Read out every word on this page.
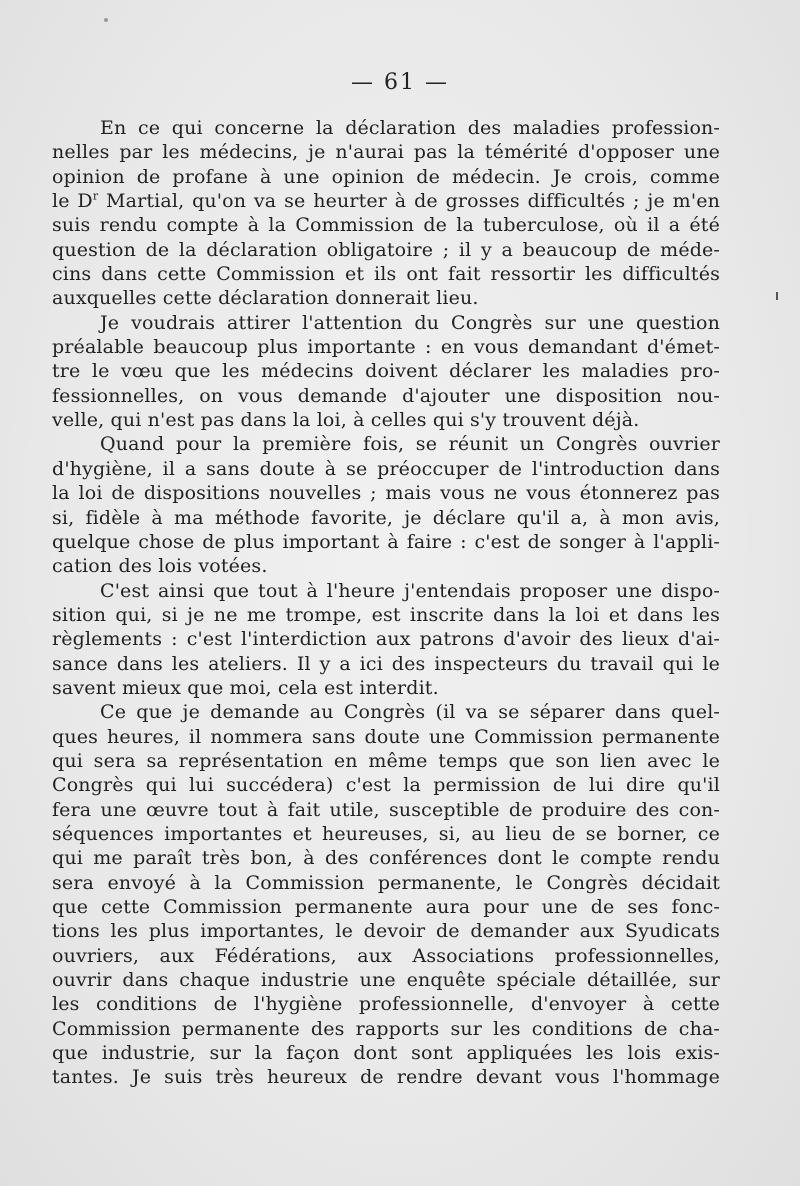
— 61 —
En ce qui concerne la déclaration des maladies profession-
nelles par les médecins, je n'aurai pas la témérité d'opposer une
opinion de profane à une opinion de médecin. Je crois, comme
le $D^r$ Martial, qu'on va se heurter à de grosses difficultés ; je m'en
suis rendu compte à la Commission de la tuberculose, où il a été
question de la déclaration obligatoire ; il y a beaucoup de méde-
cins dans cette Commission et ils ont fait ressortir les difficultés
auxquelles cette déclaration donnerait lieu.
Je voudrais attirer l'attention du Congrès sur une question
préalable beaucoup plus importante : en vous demandant d'émet-
tre le vœu que les médecins doivent déclarer les maladies pro-
fessionnelles, on vous demande d'ajouter une disposition nou-
velle, qui n'est pas dans la loi, à celles qui s'y trouvent déjà.
Quand pour la première fois, se réunit un Congrès ouvrier
d'hygiène, il a sans doute à se préoccuper de l'introduction dans
la loi de dispositions nouvelles ; mais vous ne vous étonnerez pas
si, fidèle à ma méthode favorite, je déclare qu'il a, à mon avis,
quelque chose de plus important à faire : c'est de songer à l'appli-
cation des lois votées.
C'est ainsi que tout à l'heure j'entendais proposer une dispo-
sition qui, si je ne me trompe, est inscrite dans la loi et dans les
règlements : c'est l'interdiction aux patrons d'avoir des lieux d'ai-
sance dans les ateliers. Il y a ici des inspecteurs du travail qui le
savent mieux que moi, cela est interdit.
Ce que je demande au Congrès (il va se séparer dans quel-
ques heures, il nommera sans doute une Commission permanente
qui sera sa représentation en même temps que son lien avec le
Congrès qui lui succédera) c'est la permission de lui dire qu'il
fera une œuvre tout à fait utile, susceptible de produire des con-
séquences importantes et heureuses, si, au lieu de se borner, ce
qui me paraît très bon, à des conférences dont le compte rendu
sera envoyé à la Commission permanente, le Congrès décidait
que cette Commission permanente aura pour une de ses fonc-
tions les plus importantes, le devoir de demander aux Syudicats
ouvriers, aux Fédérations, aux Associations professionnelles,
ouvrir dans chaque industrie une enquête spéciale détaillée, sur
les conditions de l'hygiène professionnelle, d'envoyer à cette
Commission permanente des rapports sur les conditions de cha-
que industrie, sur la façon dont sont appliquées les lois exis-
tantes. Je suis très heureux de rendre devant vous l'hommage
